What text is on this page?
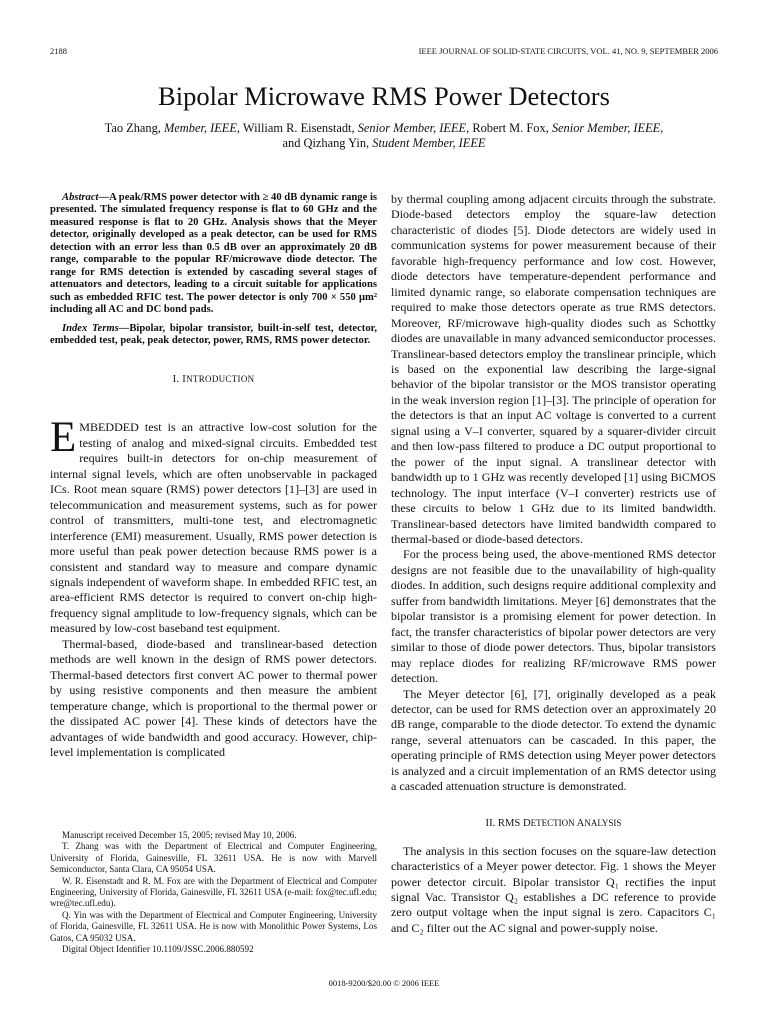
2188	IEEE JOURNAL OF SOLID-STATE CIRCUITS, VOL. 41, NO. 9, SEPTEMBER 2006
Bipolar Microwave RMS Power Detectors
Tao Zhang, Member, IEEE, William R. Eisenstadt, Senior Member, IEEE, Robert M. Fox, Senior Member, IEEE,
and Qizhang Yin, Student Member, IEEE

Abstract—A peak/RMS power detector with ≥ 40 dB dynamic range is presented. The simulated frequency response is flat to 60 GHz and the measured response is flat to 20 GHz. Analysis shows that the Meyer detector, originally developed as a peak detector, can be used for RMS detection with an error less than 0.5 dB over an approximately 20 dB range, comparable to the popular RF/microwave diode detector. The range for RMS detection is extended by cascading several stages of attenuators and detectors, leading to a circuit suitable for applications such as embedded RFIC test. The power detector is only 700 × 550 μm² including all AC and DC bond pads.

Index Terms—Bipolar, bipolar transistor, built-in-self test, detector, embedded test, peak, peak detector, power, RMS, RMS power detector.

I. INTRODUCTION

EMBEDDED test is an attractive low-cost solution for the testing of analog and mixed-signal circuits. Embedded test requires built-in detectors for on-chip measurement of internal signal levels, which are often unobservable in packaged ICs. Root mean square (RMS) power detectors [1]–[3] are used in telecommunication and measurement systems, such as for power control of transmitters, multi-tone test, and electromagnetic interference (EMI) measurement. Usually, RMS power detection is more useful than peak power detection because RMS power is a consistent and standard way to measure and compare dynamic signals independent of waveform shape. In embedded RFIC test, an area-efficient RMS detector is required to convert on-chip high-frequency signal amplitude to low-frequency signals, which can be measured by low-cost baseband test equipment.

Thermal-based, diode-based and translinear-based detection methods are well known in the design of RMS power detectors. Thermal-based detectors first convert AC power to thermal power by using resistive components and then measure the ambient temperature change, which is proportional to the thermal power or the dissipated AC power [4]. These kinds of detectors have the advantages of wide bandwidth and good accuracy. However, chip-level implementation is complicated

by thermal coupling among adjacent circuits through the substrate. Diode-based detectors employ the square-law detection characteristic of diodes [5]. Diode detectors are widely used in communication systems for power measurement because of their favorable high-frequency performance and low cost. However, diode detectors have temperature-dependent performance and limited dynamic range, so elaborate compensation techniques are required to make those detectors operate as true RMS detectors. Moreover, RF/microwave high-quality diodes such as Schottky diodes are unavailable in many advanced semiconductor processes. Translinear-based detectors employ the translinear principle, which is based on the exponential law describing the large-signal behavior of the bipolar transistor or the MOS transistor operating in the weak inversion region [1]–[3]. The principle of operation for the detectors is that an input AC voltage is converted to a current signal using a V–I converter, squared by a squarer-divider circuit and then low-pass filtered to produce a DC output proportional to the power of the input signal. A translinear detector with bandwidth up to 1 GHz was recently developed [1] using BiCMOS technology. The input interface (V–I converter) restricts use of these circuits to below 1 GHz due to its limited bandwidth. Translinear-based detectors have limited bandwidth compared to thermal-based or diode-based detectors.

For the process being used, the above-mentioned RMS detector designs are not feasible due to the unavailability of high-quality diodes. In addition, such designs require additional complexity and suffer from bandwidth limitations. Meyer [6] demonstrates that the bipolar transistor is a promising element for power detection. In fact, the transfer characteristics of bipolar power detectors are very similar to those of diode power detectors. Thus, bipolar transistors may replace diodes for realizing RF/microwave RMS power detection.

The Meyer detector [6], [7], originally developed as a peak detector, can be used for RMS detection over an approximately 20 dB range, comparable to the diode detector. To extend the dynamic range, several attenuators can be cascaded. In this paper, the operating principle of RMS detection using Meyer power detectors is analyzed and a circuit implementation of an RMS detector using a cascaded attenuation structure is demonstrated.

II. RMS DETECTION ANALYSIS

The analysis in this section focuses on the square-law detection characteristics of a Meyer power detector. Fig. 1 shows the Meyer power detector circuit. Bipolar transistor Q₁ rectifies the input signal Vac. Transistor Q₂ establishes a DC reference to provide zero output voltage when the input signal is zero. Capacitors C₁ and C₂ filter out the AC signal and power-supply noise.

Manuscript received December 15, 2005; revised May 10, 2006.

T. Zhang was with the Department of Electrical and Computer Engineering, University of Florida, Gainesville, FL 32611 USA. He is now with Marvell Semiconductor, Santa Clara, CA 95054 USA.

W. R. Eisenstadt and R. M. Fox are with the Department of Electrical and Computer Engineering, University of Florida, Gainesville, FL 32611 USA (e-mail: fox@tec.ufl.edu; wre@tec.ufl.edu).

Q. Yin was with the Department of Electrical and Computer Engineering, University of Florida, Gainesville, FL 32611 USA. He is now with Monolithic Power Systems, Los Gatos, CA 95032 USA.

Digital Object Identifier 10.1109/JSSC.2006.880592

0018-9200/$20.00 © 2006 IEEE
